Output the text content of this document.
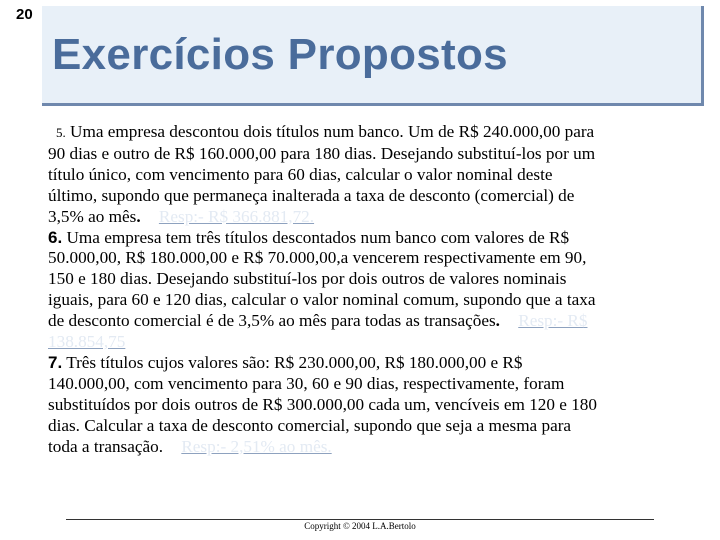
20
Exercícios Propostos

5. Uma empresa descontou dois títulos num banco. Um de R$ 240.000,00 para
90 dias e outro de R$ 160.000,00 para 180 dias. Desejando substituí-los por um
título único, com vencimento para 60 dias, calcular o valor nominal deste
último, supondo que permaneça inalterada a taxa de desconto (comercial) de
3,5% ao mês. Resp:- R$ 366.881,72.

6. Uma empresa tem três títulos descontados num banco com valores de R$
50.000,00, R$ 180.000,00 e R$ 70.000,00,a vencerem respectivamente em 90,
150 e 180 dias. Desejando substituí-los por dois outros de valores nominais
iguais, para 60 e 120 dias, calcular o valor nominal comum, supondo que a taxa
de desconto comercial é de 3,5% ao mês para todas as transações. Resp:- R$
138.854,75

7. Três títulos cujos valores são: R$ 230.000,00, R$ 180.000,00 e R$
140.000,00, com vencimento para 30, 60 e 90 dias, respectivamente, foram
substituídos por dois outros de R$ 300.000,00 cada um, vencíveis em 120 e 180
dias. Calcular a taxa de desconto comercial, supondo que seja a mesma para
toda a transação. Resp:- 2,51% ao mês.

Copyright © 2004 L.A.Bertolo
